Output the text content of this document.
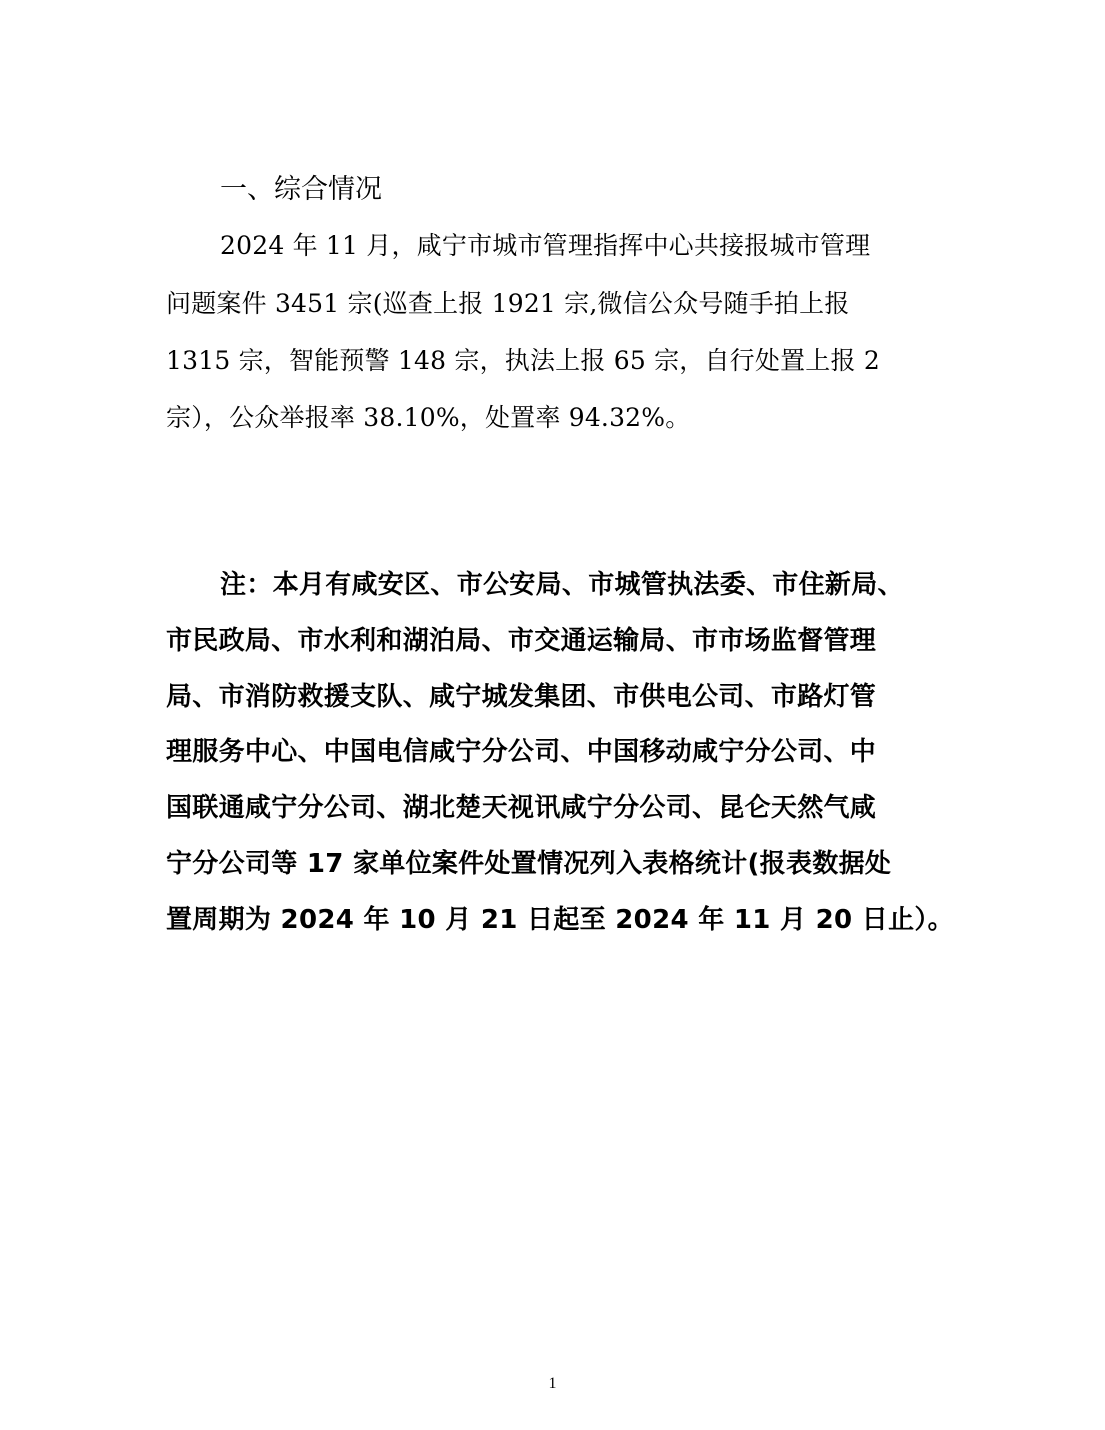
一、综合情况

2024 年 11 月，咸宁市城市管理指挥中心共接报城市管理

问题案件 3451 宗(巡查上报 1921 宗,微信公众号随手拍上报

1315 宗，智能预警 148 宗，执法上报 65 宗，自行处置上报 2

宗），公众举报率 38.10%，处置率 94.32%。

注：本月有咸安区、市公安局、市城管执法委、市住新局、

市民政局、市水利和湖泊局、市交通运输局、市市场监督管理

局、市消防救援支队、咸宁城发集团、市供电公司、市路灯管

理服务中心、中国电信咸宁分公司、中国移动咸宁分公司、中

国联通咸宁分公司、湖北楚天视讯咸宁分公司、昆仑天然气咸

宁分公司等 17 家单位案件处置情况列入表格统计(报表数据处

置周期为 2024 年 10 月 21 日起至 2024 年 11 月 20 日止）。

1
